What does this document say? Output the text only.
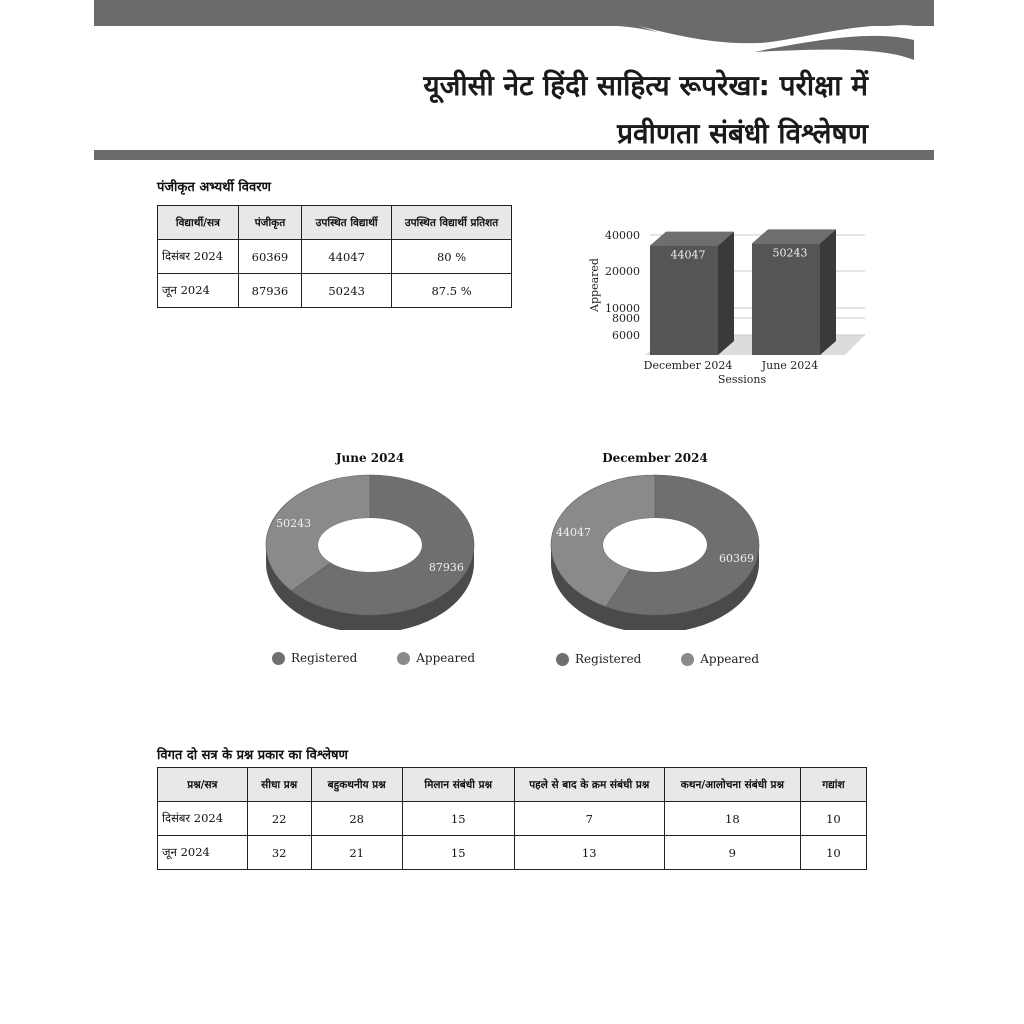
यूजीसी नेट हिंदी साहित्य रूपरेखा: परीक्षा में
प्रवीणता संबंधी विश्लेषण
पंजीकृत अभ्यर्थी विवरण
विद्यार्थी/सत्र	पंजीकृत	उपस्थित विद्यार्थी	उपस्थित विद्यार्थी प्रतिशत
दिसंबर 2024	60369	44047	80 %
जून 2024	87936	50243	87.5 %
6000
8000
10000
20000
40000
44047
December 2024
50243
June 2024
Sessions
Appeared
June 2024
87936
50243
December 2024
60369
44047
Registered	Appeared	Registered	Appeared
विगत दो सत्र के प्रश्न प्रकार का विश्लेषण
प्रश्न/सत्र	सीधा प्रश्न	बहुकथनीय प्रश्न	मिलान संबंधी प्रश्न	पहले से बाद के क्रम संबंधी प्रश्न	कथन/आलोचना संबंधी प्रश्न	गद्यांश
दिसंबर 2024	22	28	15	7	18	10
जून 2024	32	21	15	13	9	10
